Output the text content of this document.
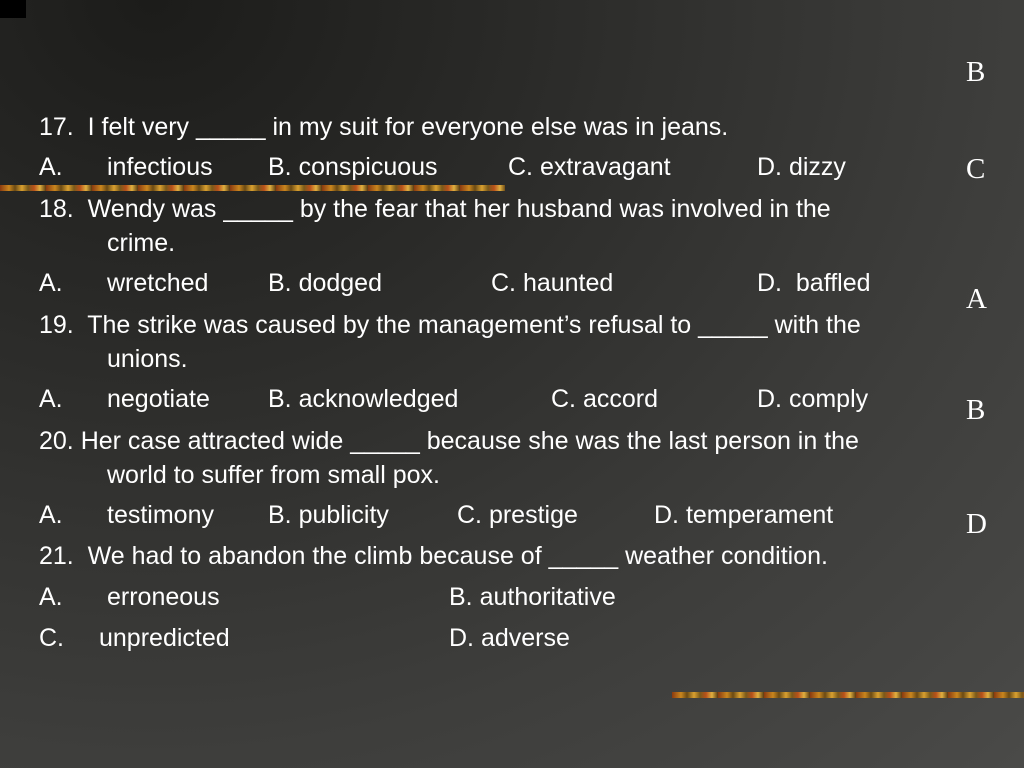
17.  I felt very _____ in my suit for everyone else was in jeans.
A. infectious B. conspicuous	C. extravagant	D. dizzy
18.  Wendy was _____ by the fear that her husband was involved in the
crime.
A. wretched B. dodged	C. haunted	D.  baffled
19.  The strike was caused by the management’s refusal to _____ with the
unions.
A. negotiate B. acknowledged	C. accord	D. comply
20. Her case attracted wide _____ because she was the last person in the
world to suffer from small pox.
A. testimony B. publicity	C. prestige	D. temperament
21.  We had to abandon the climb because of _____ weather condition.
A. erroneous	B. authoritative
C. unpredicted	D. adverse
B
C
A
B
D
